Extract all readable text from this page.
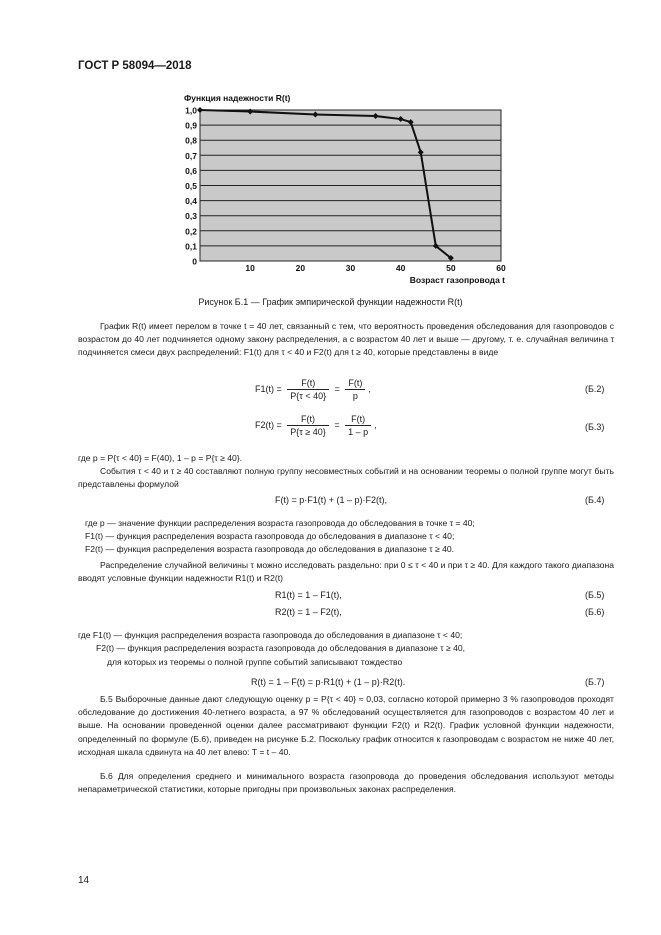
ГОСТ Р 58094—2018
0
0,1
0,2
0,3
0,4
0,5
0,6
0,7
0,8
0,9
1,0
10	20	30	40	50	60
Функция надежности R(t)
Возраст газопровода t
Рисунок Б.1 — График эмпирической функции надежности R(t)
График R(t) имеет перелом в точке t = 40 лет, связанный с тем, что вероятность проведения обследования для газопроводов с возрастом до 40 лет подчиняется одному закону распределения, а с возрастом 40 лет и выше — другому, т. е. случайная величина τ подчиняется смеси двух распределений: F1(t) для τ < 40 и F2(t) для t ≥ 40, которые представлены в виде
$F1(t) = \frac{F(t)}{P\{\tau < 40\}} = \frac{F(t)}{p}$ ,	(Б.2)
$F2(t) = \frac{F(t)}{P\{\tau \ge 40\}} = \frac{F(t)}{1 - p}$ ,	(Б.3)
где p = P{τ < 40} = F(40), 1 – p = P{τ ≥ 40}.
События τ < 40 и τ ≥ 40 составляют полную группу несовместных событий и на основании теоремы о полной группе могут быть представлены формулой
F(t) = p·F1(t) + (1 – p)·F2(t),	(Б.4)
где p — значение функции распределения возраста газопровода до обследования в точке τ = 40;
F1(t) — функция распределения возраста газопровода до обследования в диапазоне τ < 40;
F2(t) — функция распределения возраста газопровода до обследования в диапазоне τ ≥ 40.
Распределение случайной величины τ можно исследовать раздельно: при 0 ≤ τ < 40 и при τ ≥ 40. Для каждого такого диапазона вводят условные функции надежности R1(t) и R2(t)
R1(t) = 1 – F1(t),	(Б.5)
R2(t) = 1 – F2(t),	(Б.6)
где F1(t) — функция распределения возраста газопровода до обследования в диапазоне τ < 40;
F2(t) — функция распределения возраста газопровода до обследования в диапазоне τ ≥ 40,
для которых из теоремы о полной группе событий записывают тождество
R(t) = 1 – F(t) = p·R1(t) + (1 – p)·R2(t).	(Б.7)
Б.5 Выборочные данные дают следующую оценку p = P{τ < 40} ≈ 0,03, согласно которой примерно 3 % газопроводов проходят обследование до достижения 40-летнего возраста, а 97 % обследований осуществляется для газопроводов с возрастом 40 лет и выше. На основании проведенной оценки далее рассматривают функции F2(t) и R2(t). График условной функции надежности, определенный по формуле (Б.6), приведен на рисунке Б.2. Поскольку график относится к газопроводам с возрастом не ниже 40 лет, исходная шкала сдвинута на 40 лет влево: T = t – 40.
Б.6 Для определения среднего и минимального возраста газопровода до проведения обследования используют методы непараметрической статистики, которые пригодны при произвольных законах распределения.
14
